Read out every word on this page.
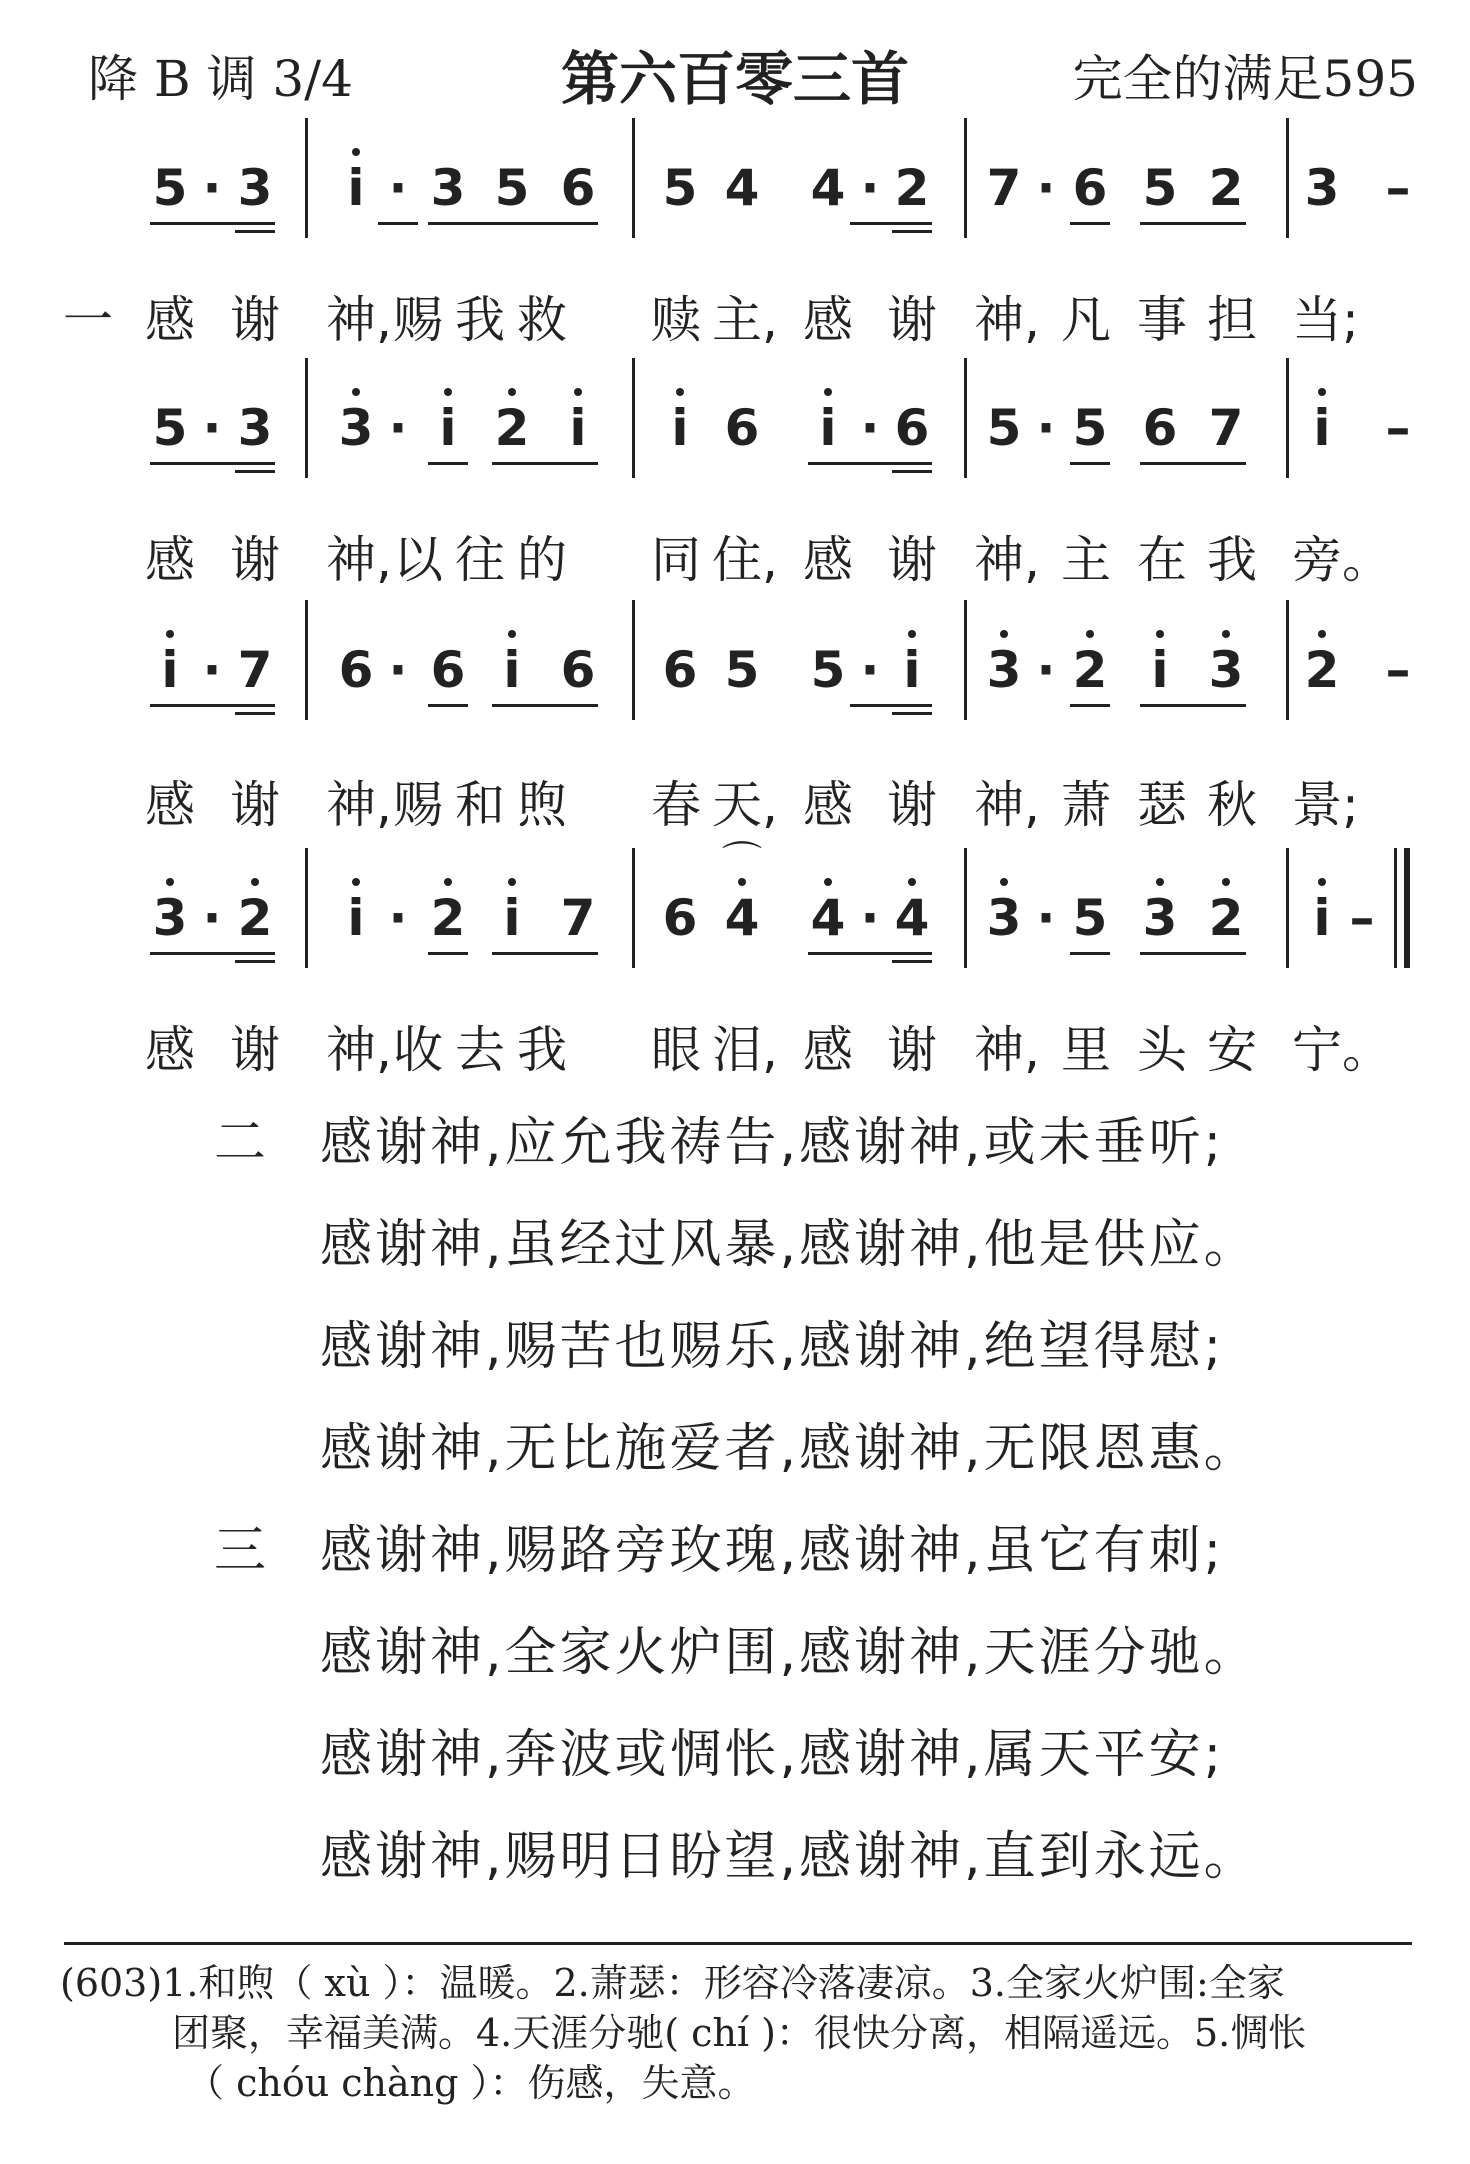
降 B 调 3/4	第六百零三首	完全的满足595
5 · 3 i · 3 5 6 5 4 4 · 2 7 · 6 5 2 3 –
一 感 谢 神, 赐 我 救 赎 主, 感 谢 神, 凡 事 担 当;
5 · 3 3 · i 2 i i 6 i · 6 5 · 5 6 7 i –
感 谢 神, 以 往 的 同 住, 感 谢 神, 主 在 我 旁。
i · 7 6 · 6 i 6 6 5 5 · i 3 · 2 i 3 2 –
感 谢 神, 赐 和 煦 春 天, 感 谢 神, 萧 瑟 秋 景;
3 · 2 i · 2 i 7 6 4 4 · 4 3 · 5 3 2 i –
⌒
感 谢 神, 收 去 我 眼 泪, 感 谢 神, 里 头 安 宁。
二 感谢神,应允我祷告,感谢神,或未垂听;
感谢神,虽经过风暴,感谢神,他是供应。
感谢神,赐苦也赐乐,感谢神,绝望得慰;
感谢神,无比施爱者,感谢神,无限恩惠。
三 感谢神,赐路旁玫瑰,感谢神,虽它有刺;
感谢神,全家火炉围,感谢神,天涯分驰。
感谢神,奔波或惆怅,感谢神,属天平安;
感谢神,赐明日盼望,感谢神,直到永远。
(603)1.和煦（ xù ）：温暖。2.萧瑟：形容冷落凄凉。3.全家火炉围:全家
团聚，幸福美满。4.天涯分驰( chí )：很快分离，相隔遥远。5.惆怅
（ chóu chàng ）：伤感，失意。
